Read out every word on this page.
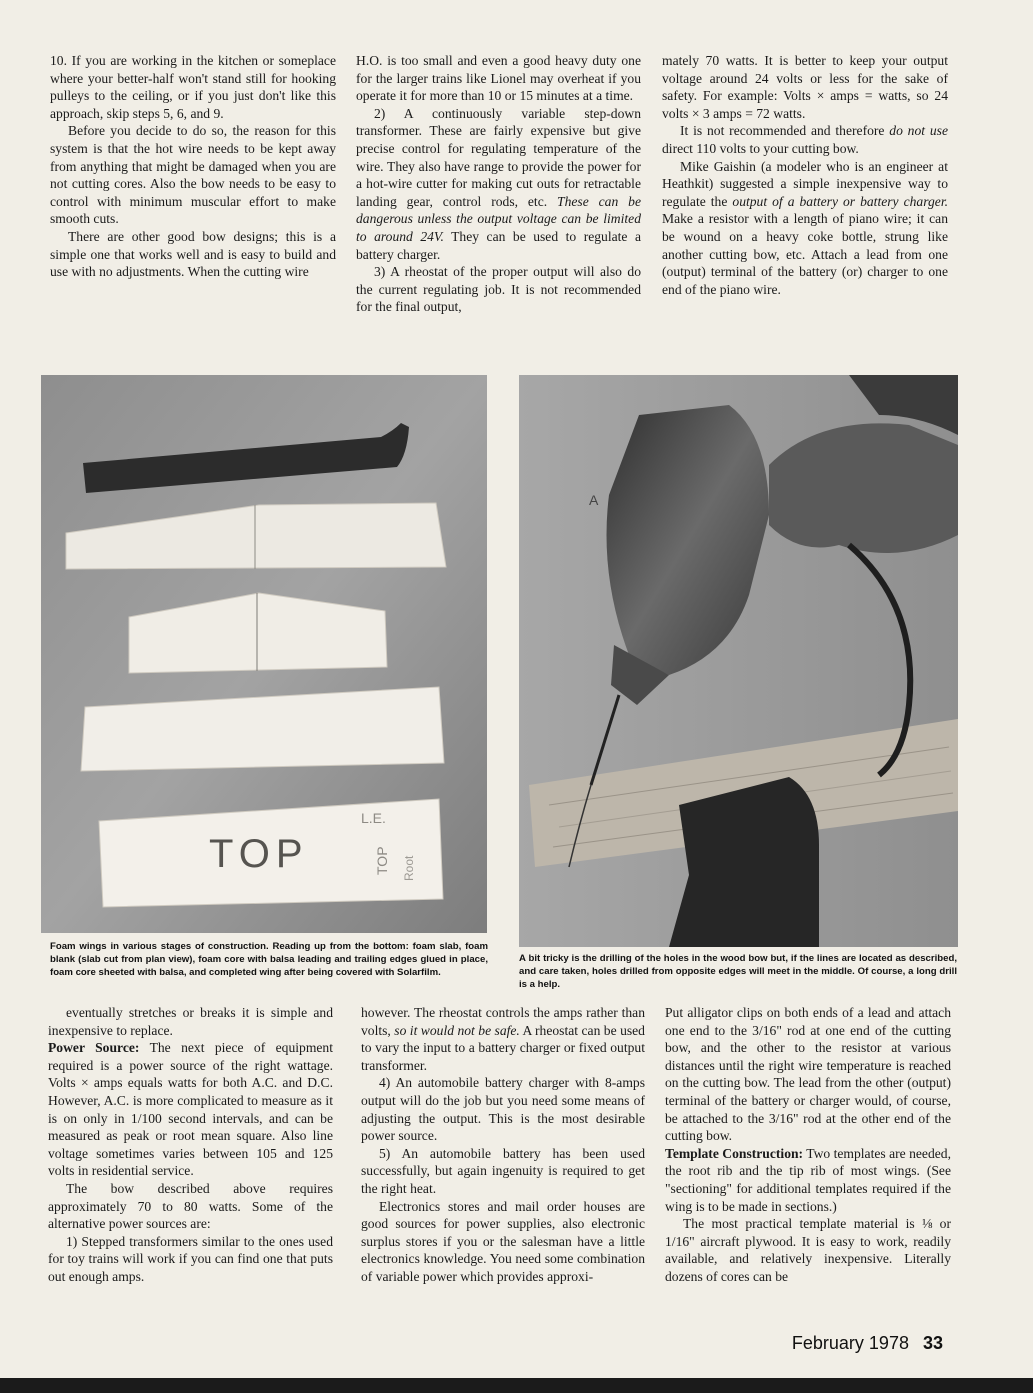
10. If you are working in the kitchen or someplace where your better-half won't stand still for hooking pulleys to the ceiling, or if you just don't like this approach, skip steps 5, 6, and 9.

Before you decide to do so, the reason for this system is that the hot wire needs to be kept away from anything that might be damaged when you are not cutting cores. Also the bow needs to be easy to control with minimum muscular effort to make smooth cuts.

There are other good bow designs; this is a simple one that works well and is easy to build and use with no adjustments. When the cutting wire

H.O. is too small and even a good heavy duty one for the larger trains like Lionel may overheat if you operate it for more than 10 or 15 minutes at a time.

2) A continuously variable step-down transformer. These are fairly expensive but give precise control for regulating temperature of the wire. They also have range to provide the power for a hot-wire cutter for making cut outs for retractable landing gear, control rods, etc. These can be dangerous unless the output voltage can be limited to around 24V. They can be used to regulate a battery charger.

3) A rheostat of the proper output will also do the current regulating job. It is not recommended for the final output,

mately 70 watts. It is better to keep your output voltage around 24 volts or less for the sake of safety. For example: Volts × amps = watts, so 24 volts × 3 amps = 72 watts.

It is not recommended and therefore do not use direct 110 volts to your cutting bow.

Mike Gaishin (a modeler who is an engineer at Heathkit) suggested a simple inexpensive way to regulate the output of a battery or battery charger. Make a resistor with a length of piano wire; it can be wound on a heavy coke bottle, strung like another cutting bow, etc. Attach a lead from one (output) terminal of the battery (or) charger to one end of the piano wire.

TOP
L.E.
TOP Root
A
Foam wings in various stages of construction. Reading up from the bottom: foam slab, foam blank (slab cut from plan view), foam core with balsa leading and trailing edges glued in place, foam core sheeted with balsa, and completed wing after being covered with Solarfilm.
A bit tricky is the drilling of the holes in the wood bow but, if the lines are located as described, and care taken, holes drilled from opposite edges will meet in the middle. Of course, a long drill is a help.

eventually stretches or breaks it is simple and inexpensive to replace.

Power Source: The next piece of equipment required is a power source of the right wattage. Volts × amps equals watts for both A.C. and D.C. However, A.C. is more complicated to measure as it is on only in 1/100 second intervals, and can be measured as peak or root mean square. Also line voltage sometimes varies between 105 and 125 volts in residential service.

The bow described above requires approximately 70 to 80 watts. Some of the alternative power sources are:

1) Stepped transformers similar to the ones used for toy trains will work if you can find one that puts out enough amps.

however. The rheostat controls the amps rather than volts, so it would not be safe. A rheostat can be used to vary the input to a battery charger or fixed output transformer.

4) An automobile battery charger with 8-amps output will do the job but you need some means of adjusting the output. This is the most desirable power source.

5) An automobile battery has been used successfully, but again ingenuity is required to get the right heat.

Electronics stores and mail order houses are good sources for power supplies, also electronic surplus stores if you or the salesman have a little electronics knowledge. You need some combination of variable power which provides approxi-

Put alligator clips on both ends of a lead and attach one end to the 3/16" rod at one end of the cutting bow, and the other to the resistor at various distances until the right wire temperature is reached on the cutting bow. The lead from the other (output) terminal of the battery or charger would, of course, be attached to the 3/16" rod at the other end of the cutting bow.

Template Construction: Two templates are needed, the root rib and the tip rib of most wings. (See "sectioning" for additional templates required if the wing is to be made in sections.)

The most practical template material is ⅛ or 1/16" aircraft plywood. It is easy to work, readily available, and relatively inexpensive. Literally dozens of cores can be

February 1978 33
